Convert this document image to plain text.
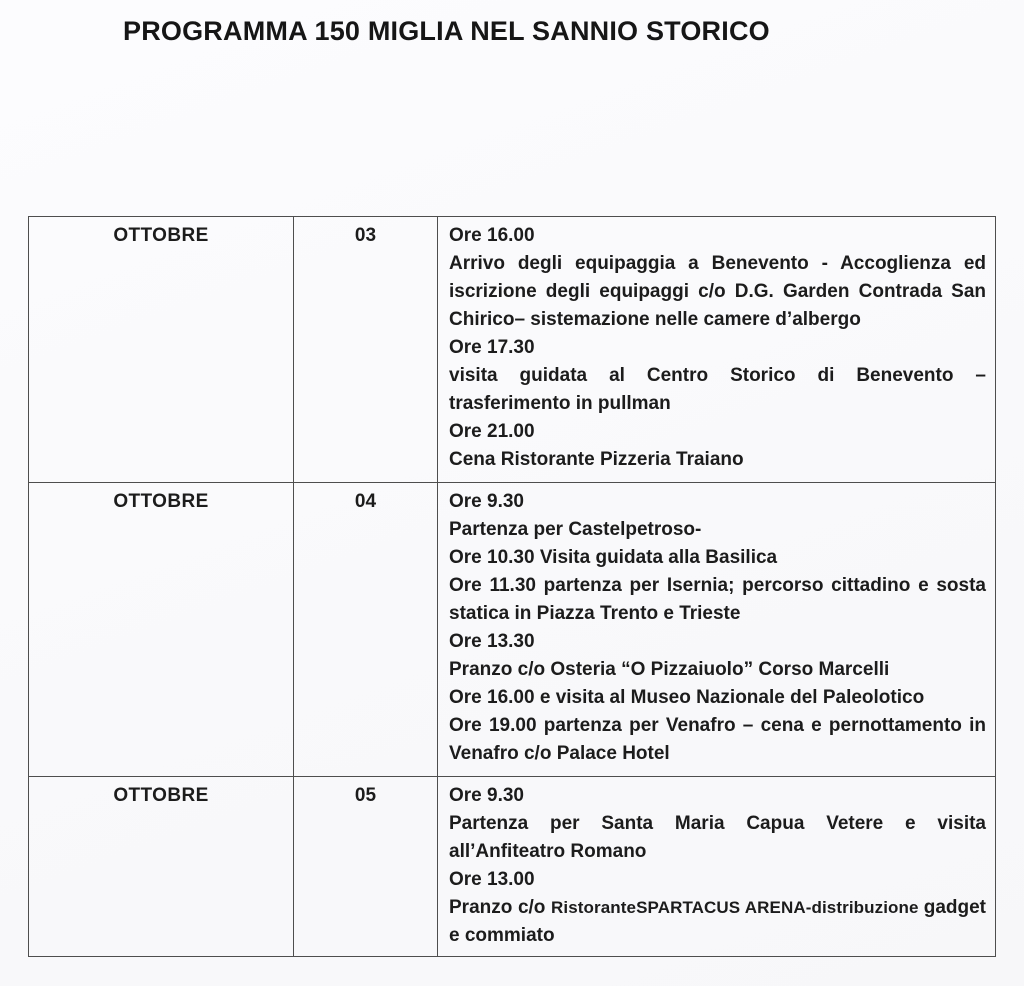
PROGRAMMA 150 MIGLIA NEL SANNIO STORICO
OTTOBRE	03	Ore 16.00

Arrivo degli equipaggia a Benevento - Accoglienza ed iscrizione degli equipaggi c/o D.G. Garden Contrada San Chirico– sistemazione nelle camere d’albergo

Ore 17.30

visita guidata al Centro Storico di Benevento – trasferimento in pullman

Ore 21.00

Cena Ristorante Pizzeria Traiano

OTTOBRE	04	Ore 9.30

Partenza per Castelpetroso-

Ore 10.30 Visita guidata alla Basilica

Ore 11.30 partenza per Isernia; percorso cittadino e sosta statica in Piazza Trento e Trieste

Ore 13.30

Pranzo c/o Osteria “O Pizzaiuolo” Corso Marcelli

Ore 16.00 e visita al Museo Nazionale del Paleolotico

Ore 19.00 partenza per Venafro – cena e pernottamento in Venafro c/o Palace Hotel

OTTOBRE	05	Ore 9.30

Partenza per Santa Maria Capua Vetere e visita all’Anfiteatro Romano

Ore 13.00

Pranzo c/o RistoranteSPARTACUS ARENA-distribuzione gadget e commiato
